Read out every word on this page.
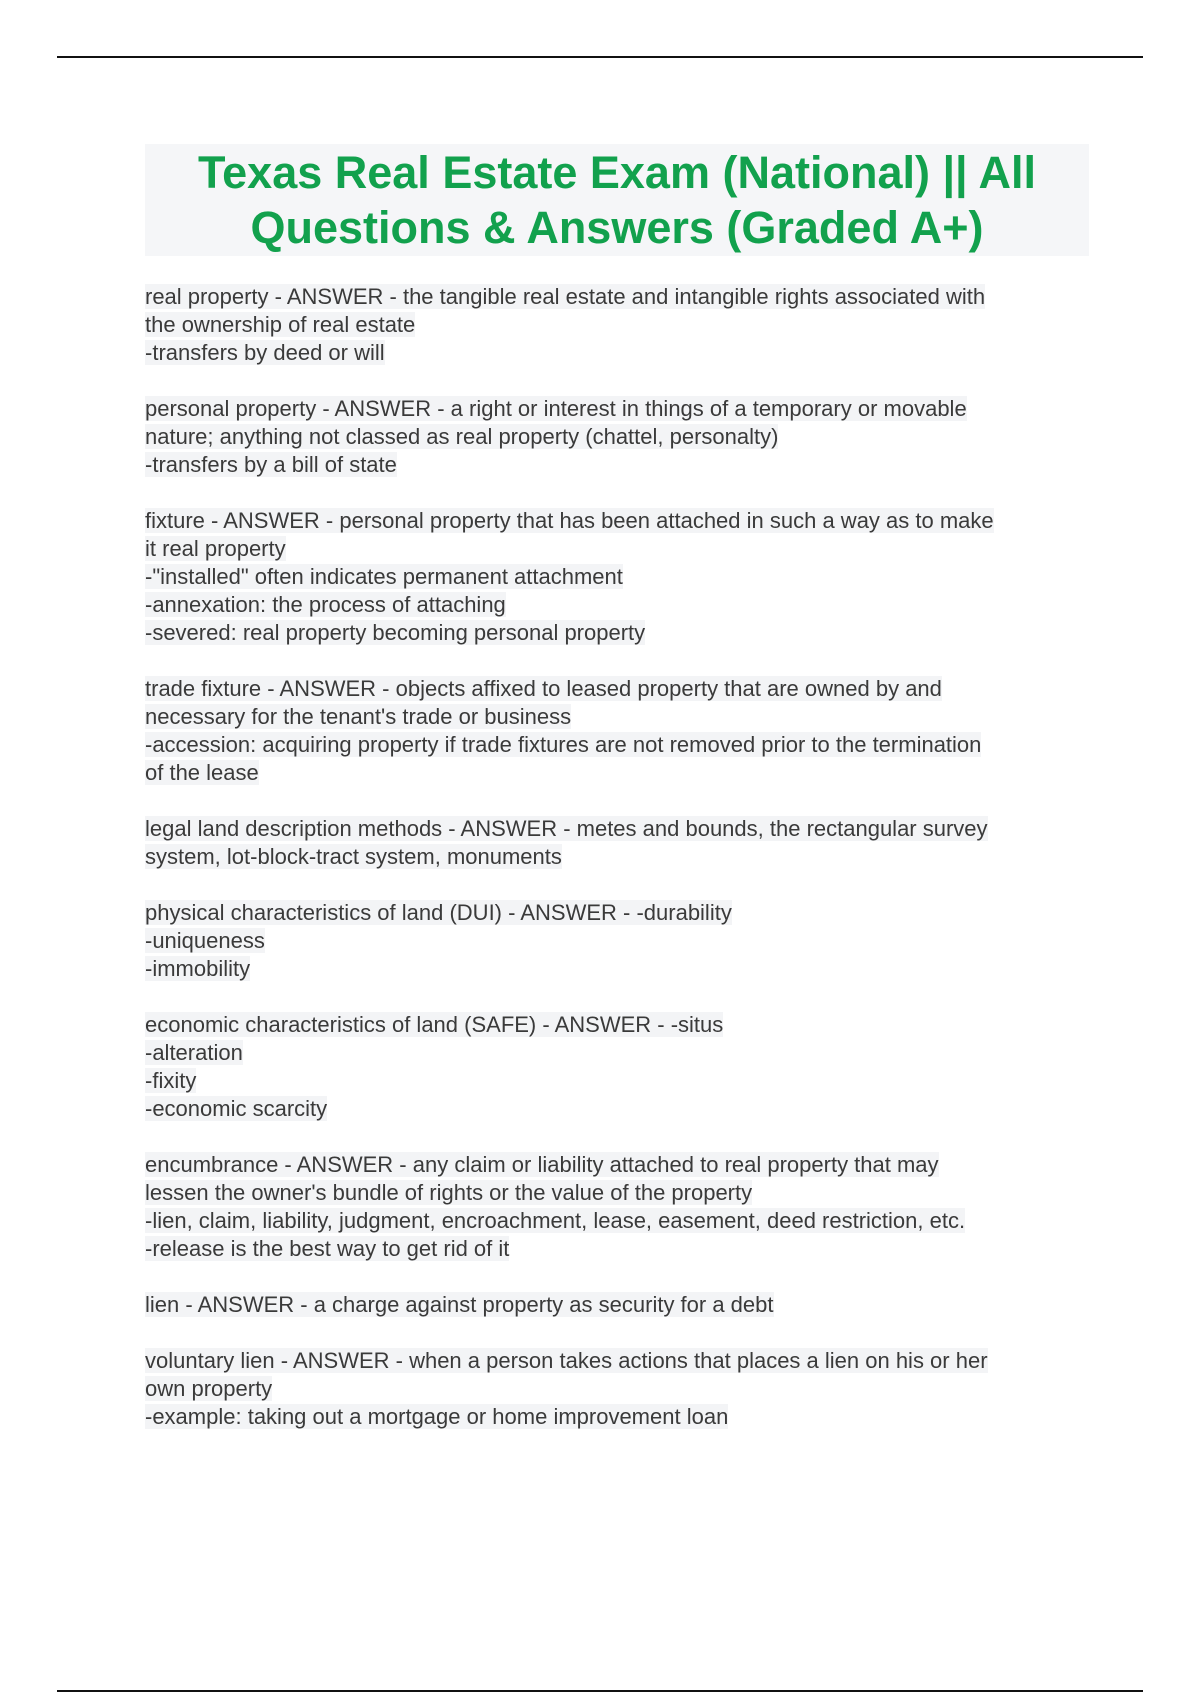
Texas Real Estate Exam (National) || All
Questions & Answers (Graded A+)
real property - ANSWER - the tangible real estate and intangible rights associated with
the ownership of real estate
-transfers by deed or will
personal property - ANSWER - a right or interest in things of a temporary or movable
nature; anything not classed as real property (chattel, personalty)
-transfers by a bill of state
fixture - ANSWER - personal property that has been attached in such a way as to make
it real property
-"installed" often indicates permanent attachment
-annexation: the process of attaching
-severed: real property becoming personal property
trade fixture - ANSWER - objects affixed to leased property that are owned by and
necessary for the tenant's trade or business
-accession: acquiring property if trade fixtures are not removed prior to the termination
of the lease
legal land description methods - ANSWER - metes and bounds, the rectangular survey
system, lot-block-tract system, monuments
physical characteristics of land (DUI) - ANSWER - -durability
-uniqueness
-immobility
economic characteristics of land (SAFE) - ANSWER - -situs
-alteration
-fixity
-economic scarcity
encumbrance - ANSWER - any claim or liability attached to real property that may
lessen the owner's bundle of rights or the value of the property
-lien, claim, liability, judgment, encroachment, lease, easement, deed restriction, etc.
-release is the best way to get rid of it
lien - ANSWER - a charge against property as security for a debt
voluntary lien - ANSWER - when a person takes actions that places a lien on his or her
own property
-example: taking out a mortgage or home improvement loan
